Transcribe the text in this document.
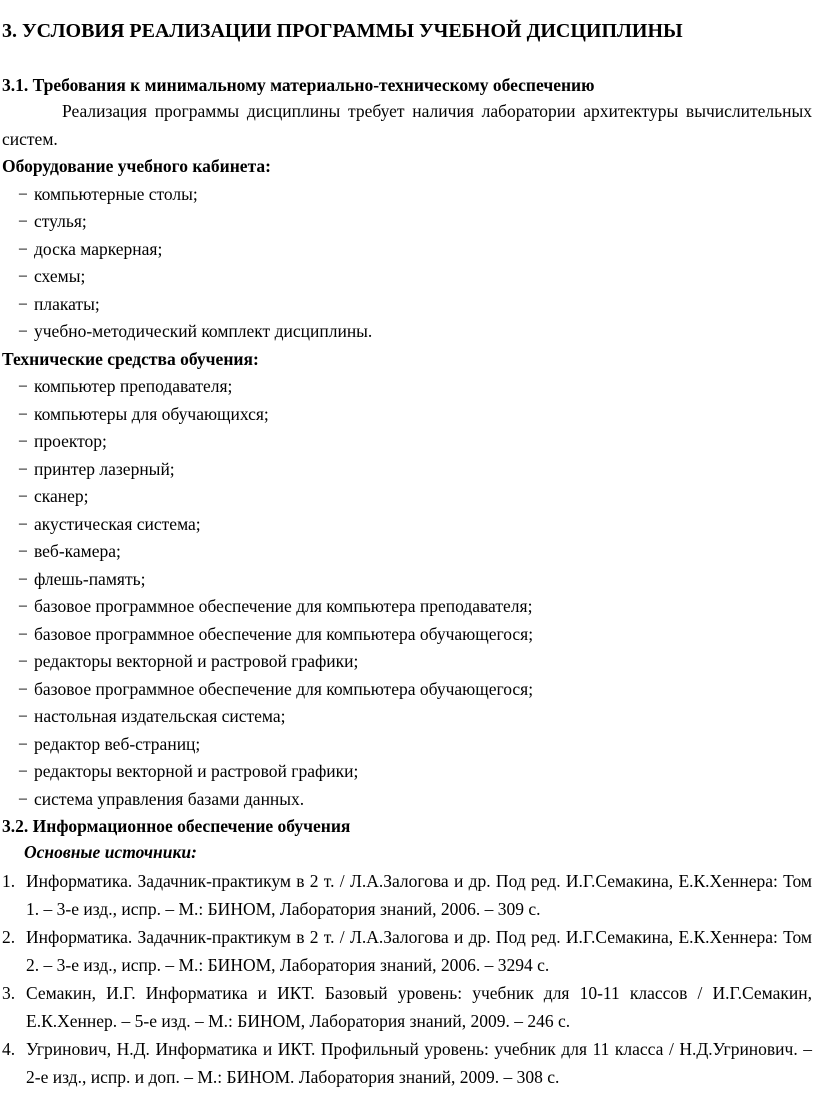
3. УСЛОВИЯ РЕАЛИЗАЦИИ ПРОГРАММЫ УЧЕБНОЙ ДИСЦИПЛИНЫ
3.1. Требования к минимальному материально-техническому обеспечению

Реализация программы дисциплины требует наличия лаборатории архитектуры вычислительных систем.

Оборудование учебного кабинета:
− компьютерные столы;
− стулья;
− доска маркерная;
− схемы;
− плакаты;
− учебно-методический комплект дисциплины.
Технические средства обучения:
− компьютер преподавателя;
− компьютеры для обучающихся;
− проектор;
− принтер лазерный;
− сканер;
− акустическая система;
− веб-камера;
− флешь-память;
− базовое программное обеспечение для компьютера преподавателя;
− базовое программное обеспечение для компьютера обучающегося;
− редакторы векторной и растровой графики;
− базовое программное обеспечение для компьютера обучающегося;
− настольная издательская система;
− редактор веб-страниц;
− редакторы векторной и растровой графики;
− система управления базами данных.
3.2. Информационное обеспечение обучения
Основные источники:
1. Информатика. Задачник-практикум в 2 т. / Л.А.Залогова и др. Под ред. И.Г.Семакина, Е.К.Хеннера: Том 1. – 3-е изд., испр. – М.: БИНОМ, Лаборатория знаний, 2006. – 309 с.
2. Информатика. Задачник-практикум в 2 т. / Л.А.Залогова и др. Под ред. И.Г.Семакина, Е.К.Хеннера: Том 2. – 3-е изд., испр. – М.: БИНОМ, Лаборатория знаний, 2006. – 3294 с.
3. Семакин, И.Г. Информатика и ИКТ. Базовый уровень: учебник для 10-11 классов / И.Г.Семакин, Е.К.Хеннер. – 5-е изд. – М.: БИНОМ, Лаборатория знаний, 2009. – 246 с.
4. Угринович, Н.Д. Информатика и ИКТ. Профильный уровень: учебник для 11 класса / Н.Д.Угринович. – 2-е изд., испр. и доп. – М.: БИНОМ. Лаборатория знаний, 2009. – 308 с.
